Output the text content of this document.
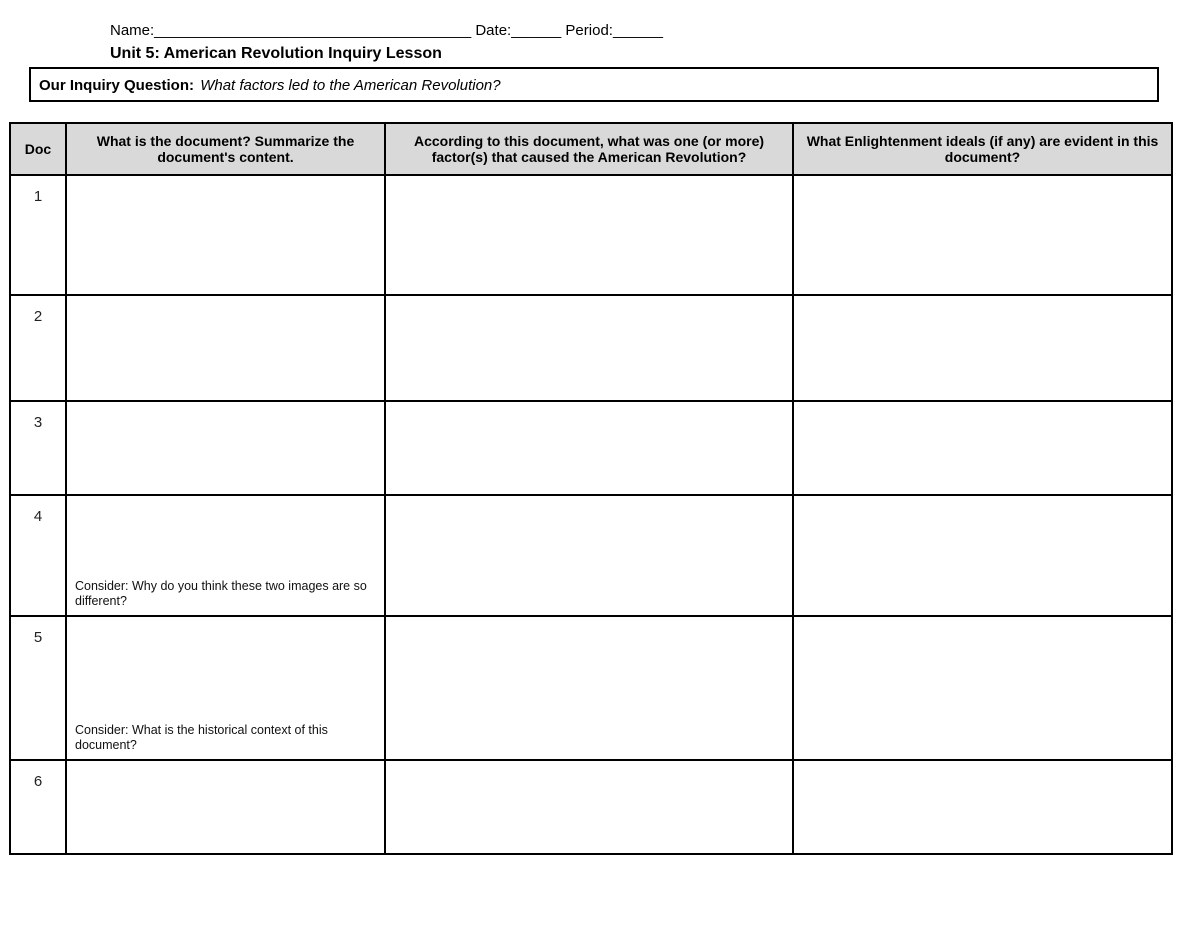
Name:______________________________________ Date:______ Period:______
Unit 5: American Revolution Inquiry Lesson
Our Inquiry Question: What factors led to the American Revolution?
Doc	What is the document? Summarize the document's content.	According to this document, what was one (or more) factor(s) that caused the American Revolution?	What Enlightenment ideals (if any) are evident in this document?

1			

2			

3			

4	Consider: Why do you think these two images are so different?		

5	Consider: What is the historical context of this document?		

6			
